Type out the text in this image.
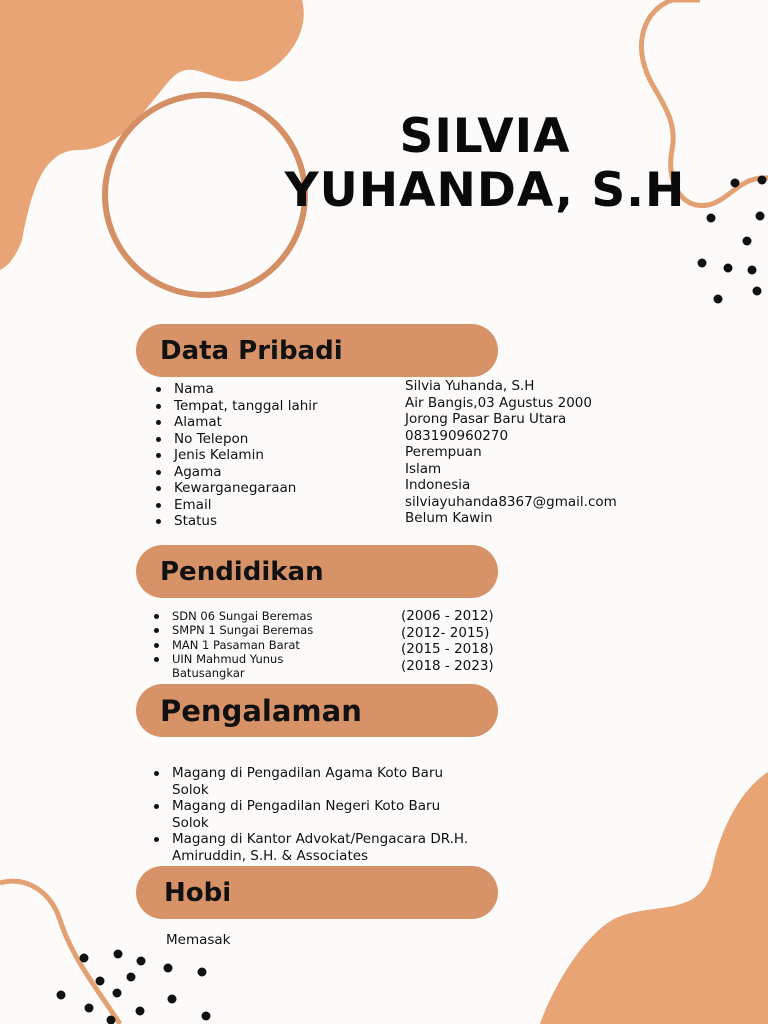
SILVIA
YUHANDA, S.H
Data Pribadi
Nama
Tempat, tanggal lahir
Alamat
No Telepon
Jenis Kelamin
Agama
Kewarganegaraan
Email
Status
Silvia Yuhanda, S.H
Air Bangis,03 Agustus 2000
Jorong Pasar Baru Utara
083190960270
Perempuan
Islam
Indonesia
silviayuhanda8367@gmail.com
Belum Kawin
Pendidikan
SDN 06 Sungai Beremas
SMPN 1 Sungai Beremas
MAN 1 Pasaman Barat
UIN Mahmud Yunus Batusangkar
(2006 - 2012)
(2012- 2015)
(2015 - 2018)
(2018 - 2023)
Pengalaman
Magang di Pengadilan Agama Koto Baru Solok
Magang di Pengadilan Negeri Koto Baru Solok
Magang di Kantor Advokat/Pengacara DR.H. Amiruddin, S.H. & Associates
Hobi
Memasak
